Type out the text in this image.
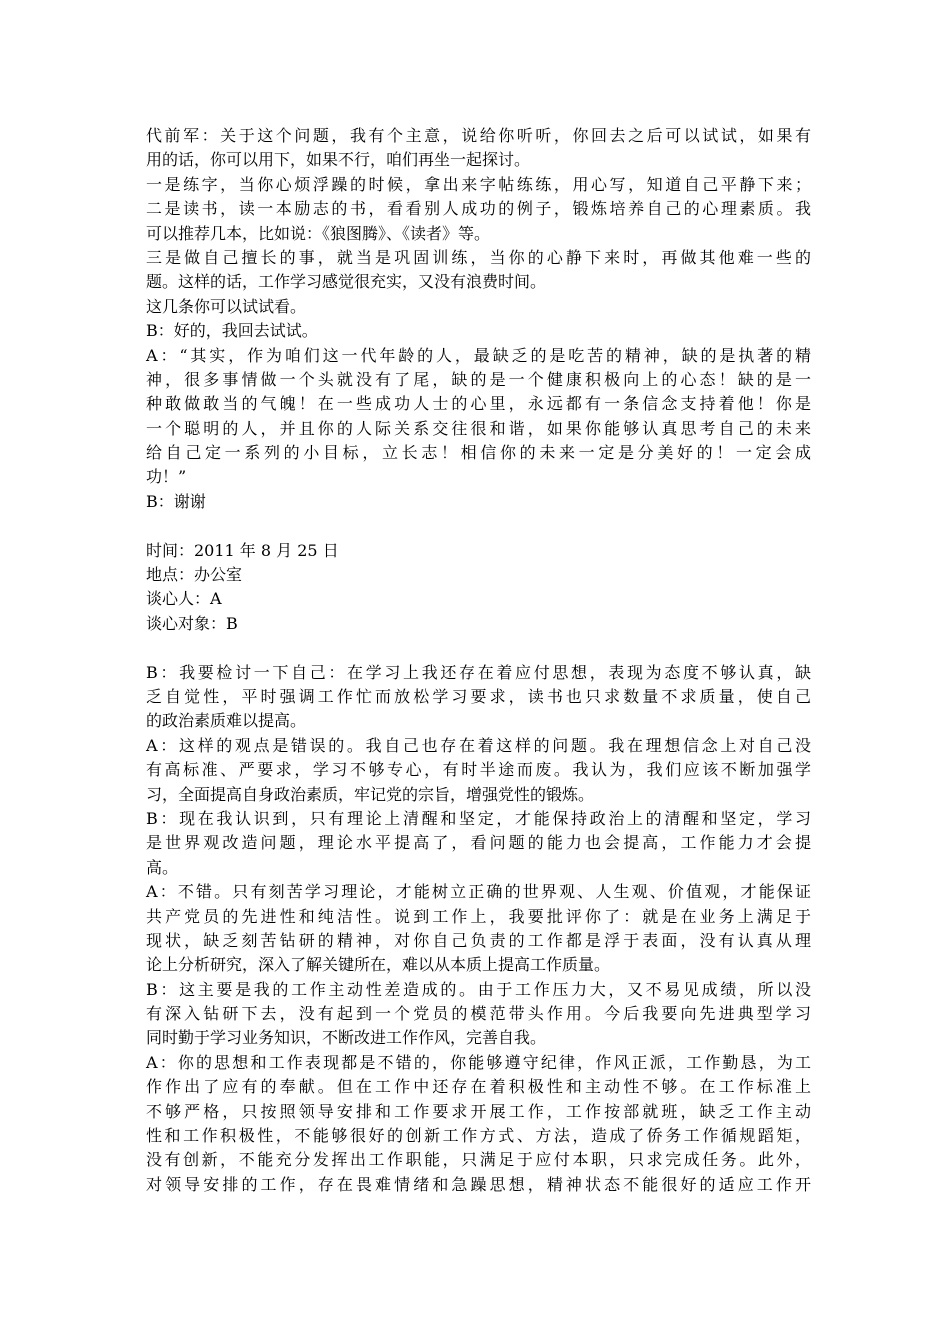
代前军：关于这个问题，我有个主意，说给你听听，你回去之后可以试试，如果有
用的话，你可以用下，如果不行，咱们再坐一起探讨。
一是练字，当你心烦浮躁的时候，拿出来字帖练练，用心写，知道自己平静下来；
二是读书，读一本励志的书，看看别人成功的例子，锻炼培养自己的心理素质。我
可以推荐几本，比如说：《狼图腾》、《读者》等。
三是做自己擅长的事，就当是巩固训练，当你的心静下来时，再做其他难一些的
题。这样的话，工作学习感觉很充实，又没有浪费时间。
这几条你可以试试看。
B：好的，我回去试试。
A：“其实，作为咱们这一代年龄的人，最缺乏的是吃苦的精神，缺的是执著的精
神，很多事情做一个头就没有了尾，缺的是一个健康积极向上的心态！缺的是一
种敢做敢当的气魄！在一些成功人士的心里，永远都有一条信念支持着他！你是
一个聪明的人，并且你的人际关系交往很和谐，如果你能够认真思考自己的未来
给自己定一系列的小目标，立长志！相信你的未来一定是分美好的！一定会成
功！”
B：谢谢
时间：2011 年 8 月 25 日
地点：办公室
谈心人：A
谈心对象：B
B：我要检讨一下自己：在学习上我还存在着应付思想，表现为态度不够认真，缺
乏自觉性，平时强调工作忙而放松学习要求，读书也只求数量不求质量，使自己
的政治素质难以提高。
A：这样的观点是错误的。我自己也存在着这样的问题。我在理想信念上对自己没
有高标准、严要求，学习不够专心，有时半途而废。我认为，我们应该不断加强学
习，全面提高自身政治素质，牢记党的宗旨，增强党性的锻炼。
B：现在我认识到，只有理论上清醒和坚定，才能保持政治上的清醒和坚定，学习
是世界观改造问题，理论水平提高了，看问题的能力也会提高，工作能力才会提
高。
A：不错。只有刻苦学习理论，才能树立正确的世界观、人生观、价值观，才能保证
共产党员的先进性和纯洁性。说到工作上，我要批评你了：就是在业务上满足于
现状，缺乏刻苦钻研的精神，对你自己负责的工作都是浮于表面，没有认真从理
论上分析研究，深入了解关键所在，难以从本质上提高工作质量。
B：这主要是我的工作主动性差造成的。由于工作压力大，又不易见成绩，所以没
有深入钻研下去，没有起到一个党员的模范带头作用。今后我要向先进典型学习
同时勤于学习业务知识，不断改进工作作风，完善自我。
A：你的思想和工作表现都是不错的，你能够遵守纪律，作风正派，工作勤恳，为工
作作出了应有的奉献。但在工作中还存在着积极性和主动性不够。在工作标准上
不够严格，只按照领导安排和工作要求开展工作，工作按部就班，缺乏工作主动
性和工作积极性，不能够很好的创新工作方式、方法，造成了侨务工作循规蹈矩，
没有创新，不能充分发挥出工作职能，只满足于应付本职，只求完成任务。此外，
对领导安排的工作，存在畏难情绪和急躁思想，精神状态不能很好的适应工作开
